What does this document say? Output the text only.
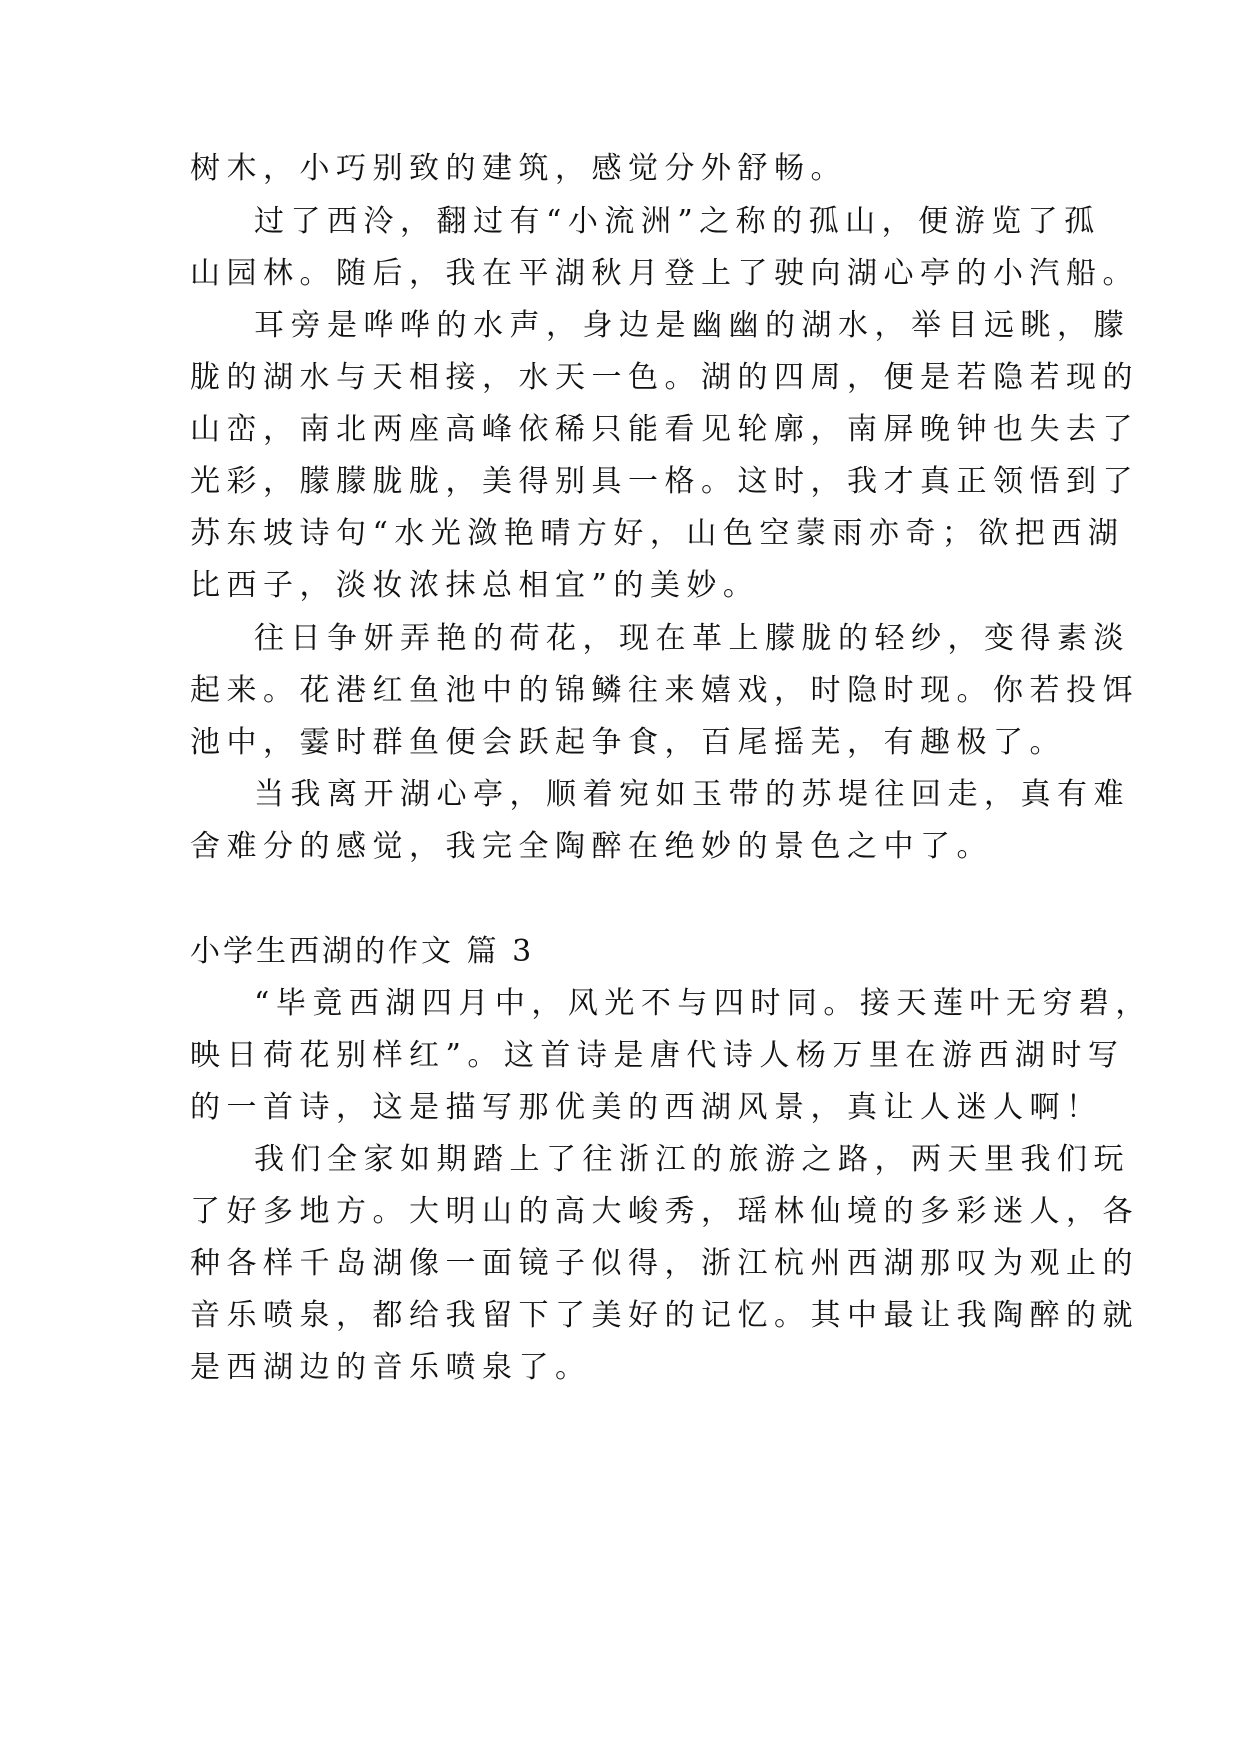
树木，小巧别致的建筑，感觉分外舒畅。

过了西泠，翻过有“小流洲”之称的孤山，便游览了孤

山园林。随后，我在平湖秋月登上了驶向湖心亭的小汽船。

耳旁是哗哗的水声，身边是幽幽的湖水，举目远眺，朦

胧的湖水与天相接，水天一色。湖的四周，便是若隐若现的

山峦，南北两座高峰依稀只能看见轮廓，南屏晚钟也失去了

光彩，朦朦胧胧，美得别具一格。这时，我才真正领悟到了

苏东坡诗句“水光潋艳晴方好，山色空蒙雨亦奇；欲把西湖

比西子，淡妆浓抹总相宜”的美妙。

往日争妍弄艳的荷花，现在革上朦胧的轻纱，变得素淡

起来。花港红鱼池中的锦鳞往来嬉戏，时隐时现。你若投饵

池中，霎时群鱼便会跃起争食，百尾摇芜，有趣极了。

当我离开湖心亭，顺着宛如玉带的苏堤往回走，真有难

舍难分的感觉，我完全陶醉在绝妙的景色之中了。

小学生西湖的作文 篇 3

“毕竟西湖四月中，风光不与四时同。接天莲叶无穷碧，

映日荷花别样红”。这首诗是唐代诗人杨万里在游西湖时写

的一首诗，这是描写那优美的西湖风景，真让人迷人啊！

我们全家如期踏上了往浙江的旅游之路，两天里我们玩

了好多地方。大明山的高大峻秀，瑶林仙境的多彩迷人，各

种各样千岛湖像一面镜子似得，浙江杭州西湖那叹为观止的

音乐喷泉，都给我留下了美好的记忆。其中最让我陶醉的就

是西湖边的音乐喷泉了。
